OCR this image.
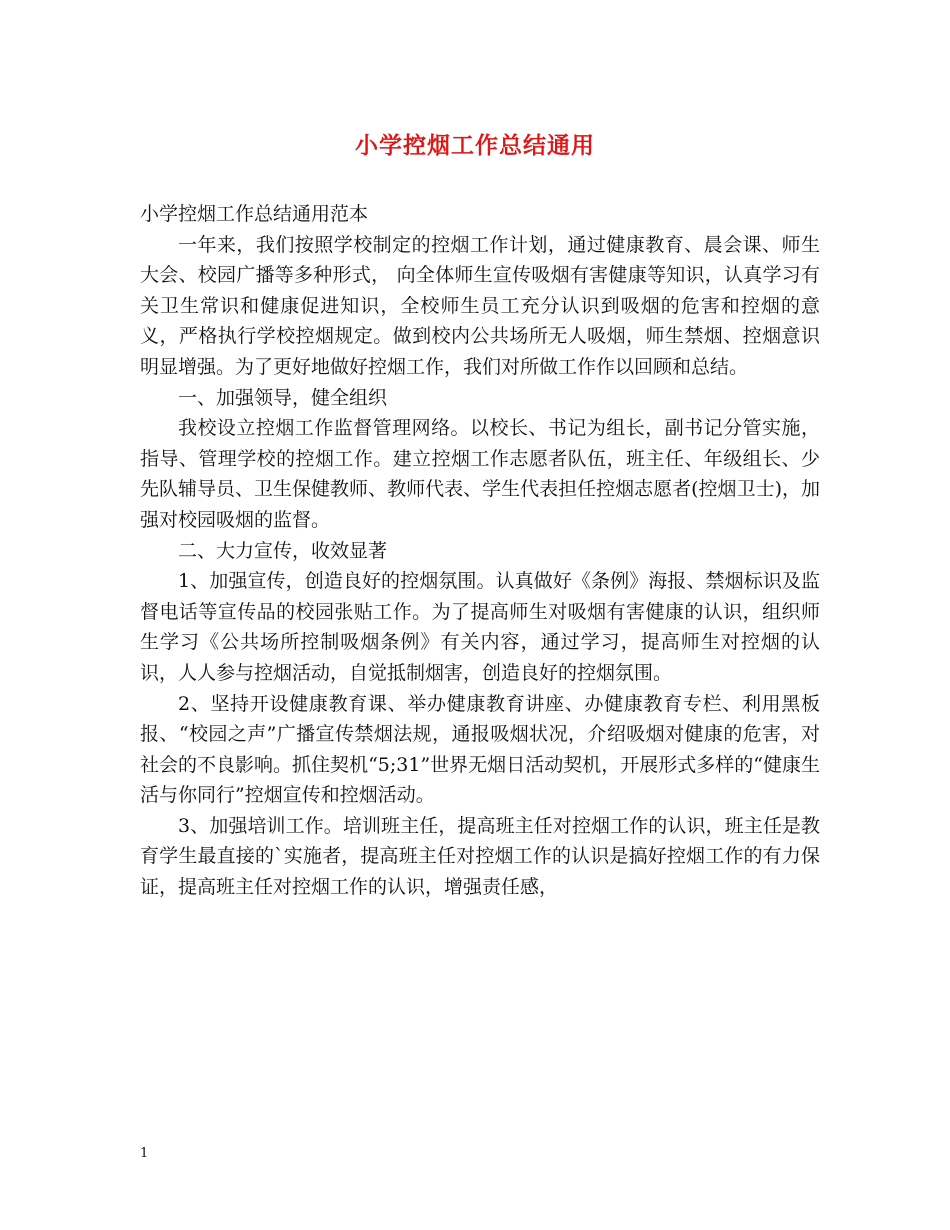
小学控烟工作总结通用

小学控烟工作总结通用范本

一年来，我们按照学校制定的控烟工作计划，通过健康教育、晨会课、师生大会、校园广播等多种形式， 向全体师生宣传吸烟有害健康等知识，认真学习有关卫生常识和健康促进知识，全校师生员工充分认识到吸烟的危害和控烟的意义，严格执行学校控烟规定。做到校内公共场所无人吸烟，师生禁烟、控烟意识明显增强。为了更好地做好控烟工作，我们对所做工作作以回顾和总结。

一、加强领导，健全组织

我校设立控烟工作监督管理网络。以校长、书记为组长，副书记分管实施，指导、管理学校的控烟工作。建立控烟工作志愿者队伍，班主任、年级组长、少先队辅导员、卫生保健教师、教师代表、学生代表担任控烟志愿者(控烟卫士)，加强对校园吸烟的监督。

二、大力宣传，收效显著

1、加强宣传，创造良好的控烟氛围。认真做好《条例》海报、禁烟标识及监督电话等宣传品的校园张贴工作。为了提高师生对吸烟有害健康的认识，组织师生学习《公共场所控制吸烟条例》有关内容，通过学习，提高师生对控烟的认识，人人参与控烟活动，自觉抵制烟害，创造良好的控烟氛围。

2、坚持开设健康教育课、举办健康教育讲座、办健康教育专栏、利用黑板报、“校园之声”广播宣传禁烟法规，通报吸烟状况，介绍吸烟对健康的危害，对社会的不良影响。抓住契机“5;31”世界无烟日活动契机，开展形式多样的“健康生活与你同行”控烟宣传和控烟活动。

3、加强培训工作。培训班主任，提高班主任对控烟工作的认识，班主任是教育学生最直接的`实施者，提高班主任对控烟工作的认识是搞好控烟工作的有力保证，提高班主任对控烟工作的认识，增强责任感，

1
